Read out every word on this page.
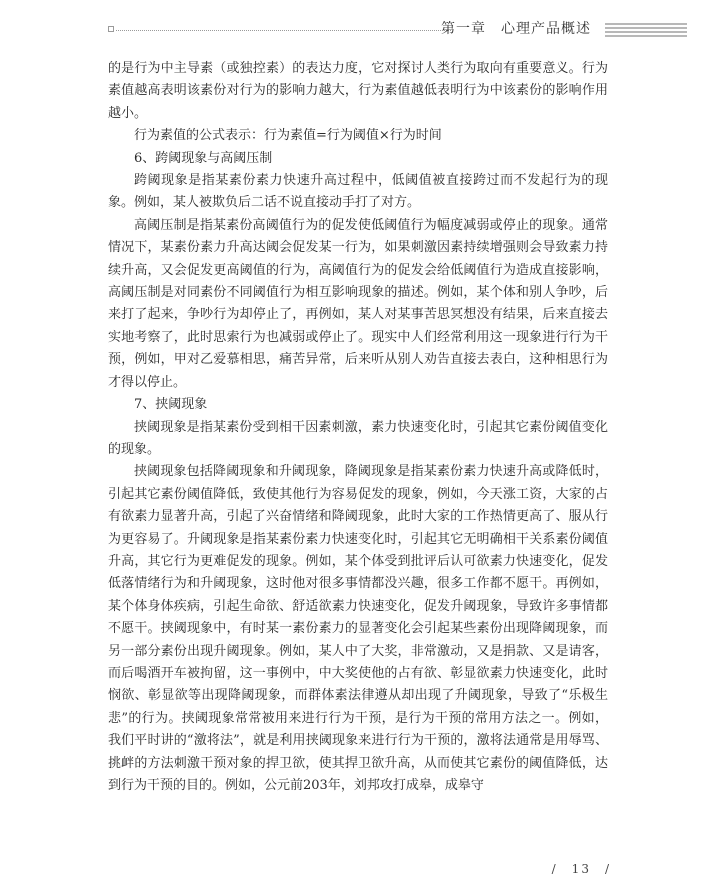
第一章　心理产品概述

的是行为中主导素（或独控素）的表达力度，它对探讨人类行为取向有重要意义。行为素值越高表明该素份对行为的影响力越大，行为素值越低表明行为中该素份的影响作用越小。

行为素值的公式表示：行为素值=行为阈值×行为时间

6、跨阈现象与高阈压制

跨阈现象是指某素份素力快速升高过程中，低阈值被直接跨过而不发起行为的现象。例如，某人被欺负后二话不说直接动手打了对方。

高阈压制是指某素份高阈值行为的促发使低阈值行为幅度减弱或停止的现象。通常情况下，某素份素力升高达阈会促发某一行为，如果刺激因素持续增强则会导致素力持续升高，又会促发更高阈值的行为，高阈值行为的促发会给低阈值行为造成直接影响，高阈压制是对同素份不同阈值行为相互影响现象的描述。例如，某个体和别人争吵，后来打了起来，争吵行为却停止了，再例如，某人对某事苦思冥想没有结果，后来直接去实地考察了，此时思索行为也减弱或停止了。现实中人们经常利用这一现象进行行为干预，例如，甲对乙爱慕相思，痛苦异常，后来听从别人劝告直接去表白，这种相思行为才得以停止。

7、挟阈现象

挟阈现象是指某素份受到相干因素刺激，素力快速变化时，引起其它素份阈值变化的现象。

挟阈现象包括降阈现象和升阈现象，降阈现象是指某素份素力快速升高或降低时，引起其它素份阈值降低，致使其他行为容易促发的现象，例如，今天涨工资，大家的占有欲素力显著升高，引起了兴奋情绪和降阈现象，此时大家的工作热情更高了、服从行为更容易了。升阈现象是指某素份素力快速变化时，引起其它无明确相干关系素份阈值升高，其它行为更难促发的现象。例如，某个体受到批评后认可欲素力快速变化，促发低落情绪行为和升阈现象，这时他对很多事情都没兴趣，很多工作都不愿干。再例如，某个体身体疾病，引起生命欲、舒适欲素力快速变化，促发升阈现象，导致许多事情都不愿干。挟阈现象中，有时某一素份素力的显著变化会引起某些素份出现降阈现象，而另一部分素份出现升阈现象。例如，某人中了大奖，非常激动，又是捐款、又是请客，而后喝酒开车被拘留，这一事例中，中大奖使他的占有欲、彰显欲素力快速变化，此时悯欲、彰显欲等出现降阈现象，而群体素法律遵从却出现了升阈现象，导致了“乐极生悲”的行为。挟阈现象常常被用来进行行为干预，是行为干预的常用方法之一。例如，我们平时讲的“激将法”，就是利用挟阈现象来进行行为干预的，激将法通常是用辱骂、挑衅的方法刺激干预对象的捍卫欲，使其捍卫欲升高，从而使其它素份的阈值降低，达到行为干预的目的。例如，公元前203年，刘邦攻打成皋，成皋守

/　13　/
